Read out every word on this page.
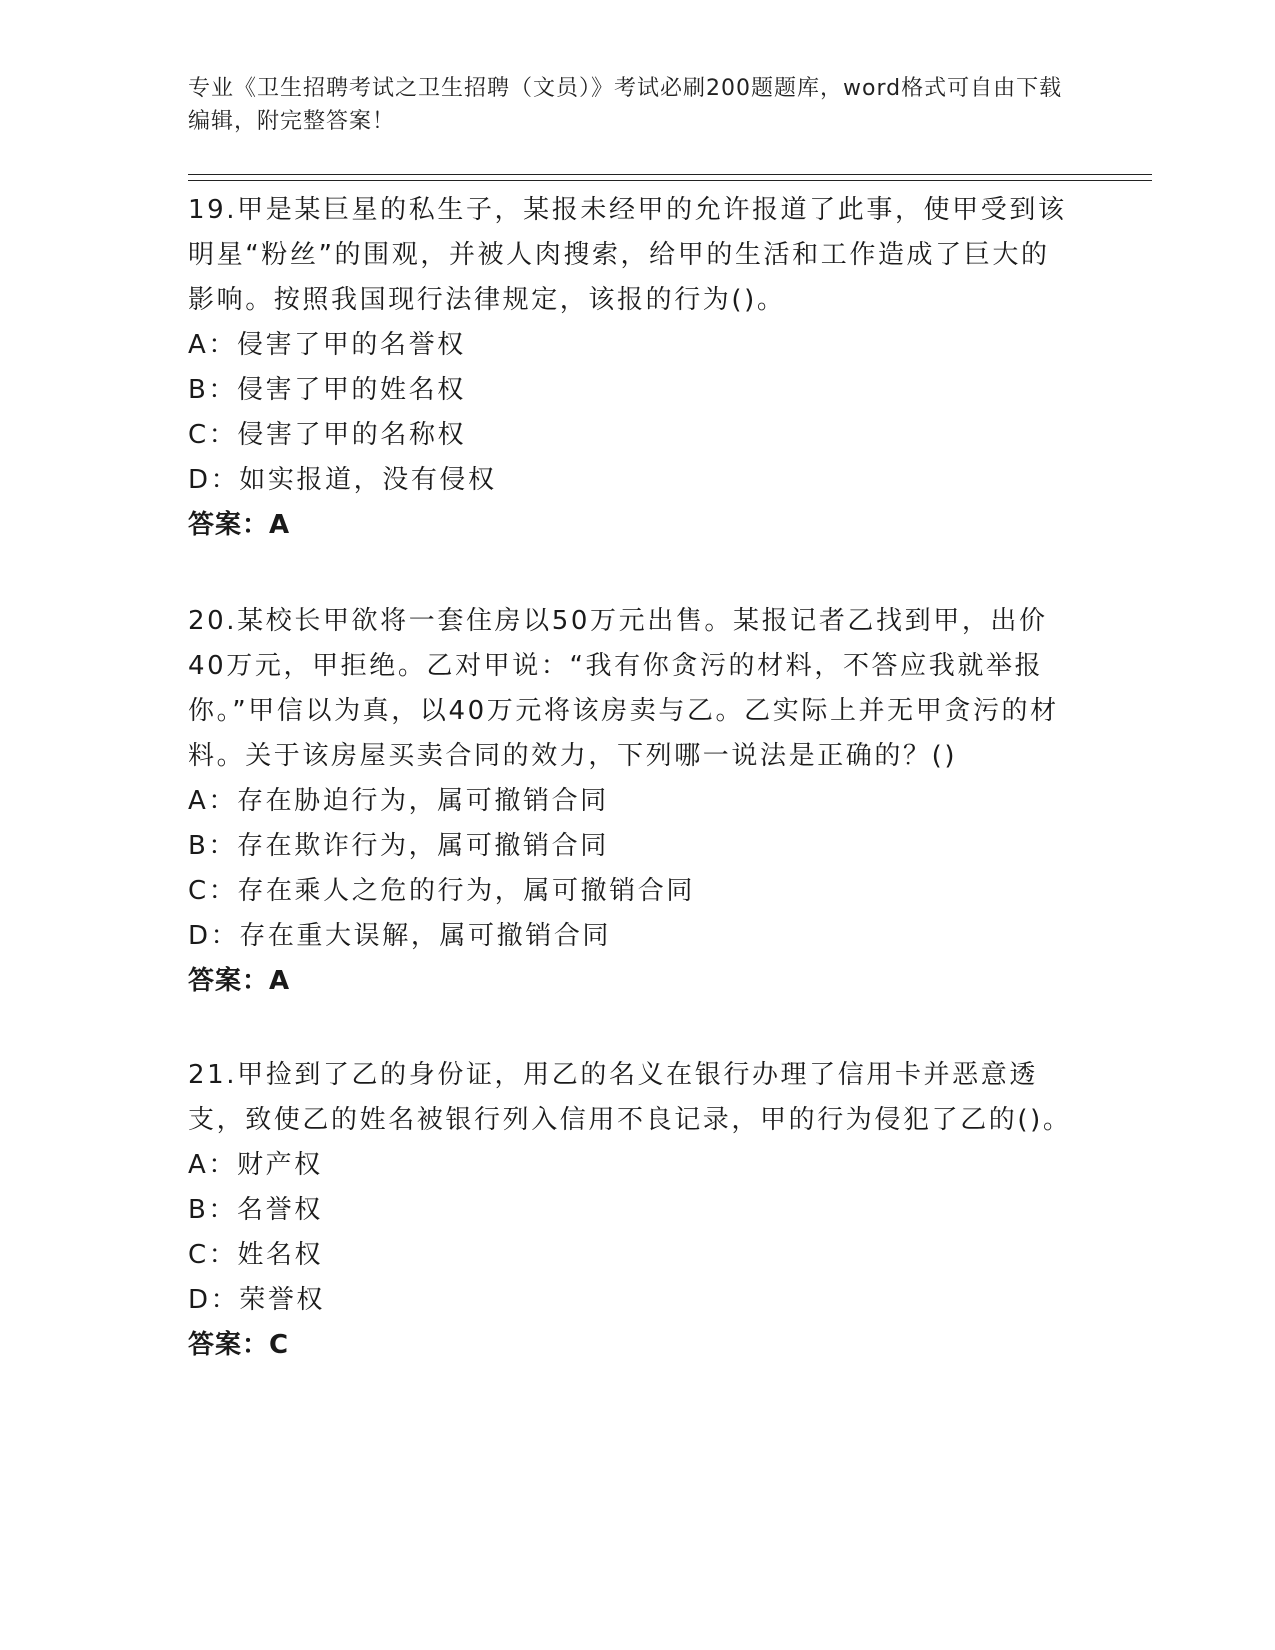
专业《卫生招聘考试之卫生招聘（文员）》考试必刷200题题库，word格式可自由下载编辑，附完整答案！

19.甲是某巨星的私生子，某报未经甲的允许报道了此事，使甲受到该明星“粉丝”的围观，并被人肉搜索，给甲的生活和工作造成了巨大的影响。按照我国现行法律规定，该报的行为()。

A：侵害了甲的名誉权

B：侵害了甲的姓名权

C：侵害了甲的名称权

D：如实报道，没有侵权

答案：A

20.某校长甲欲将一套住房以50万元出售。某报记者乙找到甲，出价40万元，甲拒绝。乙对甲说：“我有你贪污的材料，不答应我就举报你。”甲信以为真，以40万元将该房卖与乙。乙实际上并无甲贪污的材料。关于该房屋买卖合同的效力，下列哪一说法是正确的？()

A：存在胁迫行为，属可撤销合同

B：存在欺诈行为，属可撤销合同

C：存在乘人之危的行为，属可撤销合同

D：存在重大误解，属可撤销合同

答案：A

21.甲捡到了乙的身份证，用乙的名义在银行办理了信用卡并恶意透支，致使乙的姓名被银行列入信用不良记录，甲的行为侵犯了乙的()。

A：财产权

B：名誉权

C：姓名权

D：荣誉权

答案：C
